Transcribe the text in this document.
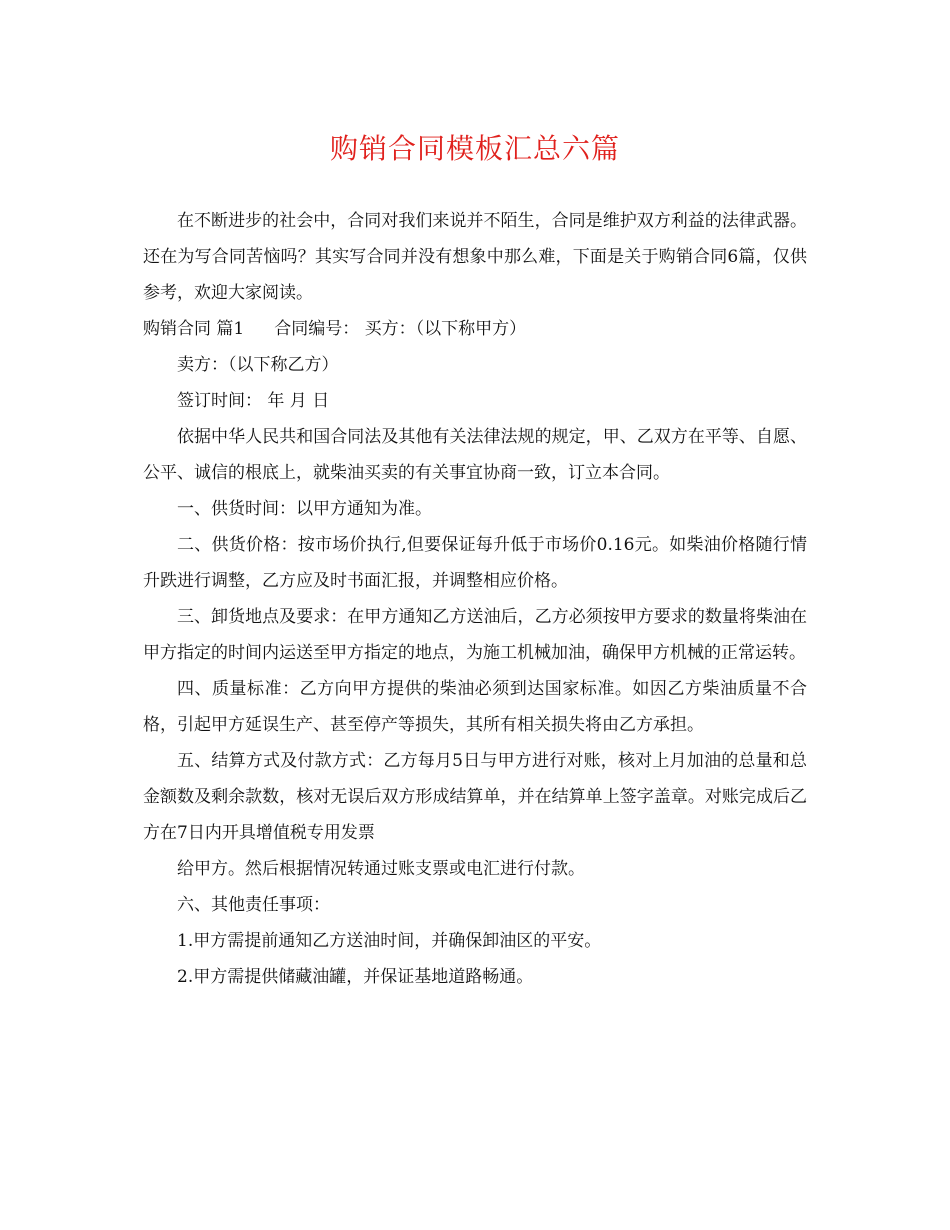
购销合同模板汇总六篇

在不断进步的社会中，合同对我们来说并不陌生，合同是维护双方利益的法律武器。还在为写合同苦恼吗？其实写合同并没有想象中那么难，下面是关于购销合同6篇，仅供参考，欢迎大家阅读。

购销合同 篇1 合同编号： 买方：（以下称甲方）

卖方：（以下称乙方）

签订时间： 年 月 日

依据中华人民共和国合同法及其他有关法律法规的规定，甲、乙双方在平等、自愿、公平、诚信的根底上，就柴油买卖的有关事宜协商一致，订立本合同。

一、供货时间：以甲方通知为准。

二、供货价格：按市场价执行,但要保证每升低于市场价0.16元。如柴油价格随行情升跌进行调整，乙方应及时书面汇报，并调整相应价格。

三、卸货地点及要求：在甲方通知乙方送油后，乙方必须按甲方要求的数量将柴油在甲方指定的时间内运送至甲方指定的地点，为施工机械加油，确保甲方机械的正常运转。

四、质量标准：乙方向甲方提供的柴油必须到达国家标准。如因乙方柴油质量不合格，引起甲方延误生产、甚至停产等损失，其所有相关损失将由乙方承担。

五、结算方式及付款方式：乙方每月5日与甲方进行对账，核对上月加油的总量和总金额数及剩余款数，核对无误后双方形成结算单，并在结算单上签字盖章。对账完成后乙方在7日内开具增值税专用发票

给甲方。然后根据情况转通过账支票或电汇进行付款。

六、其他责任事项：

1.甲方需提前通知乙方送油时间，并确保卸油区的平安。

2.甲方需提供储藏油罐，并保证基地道路畅通。
